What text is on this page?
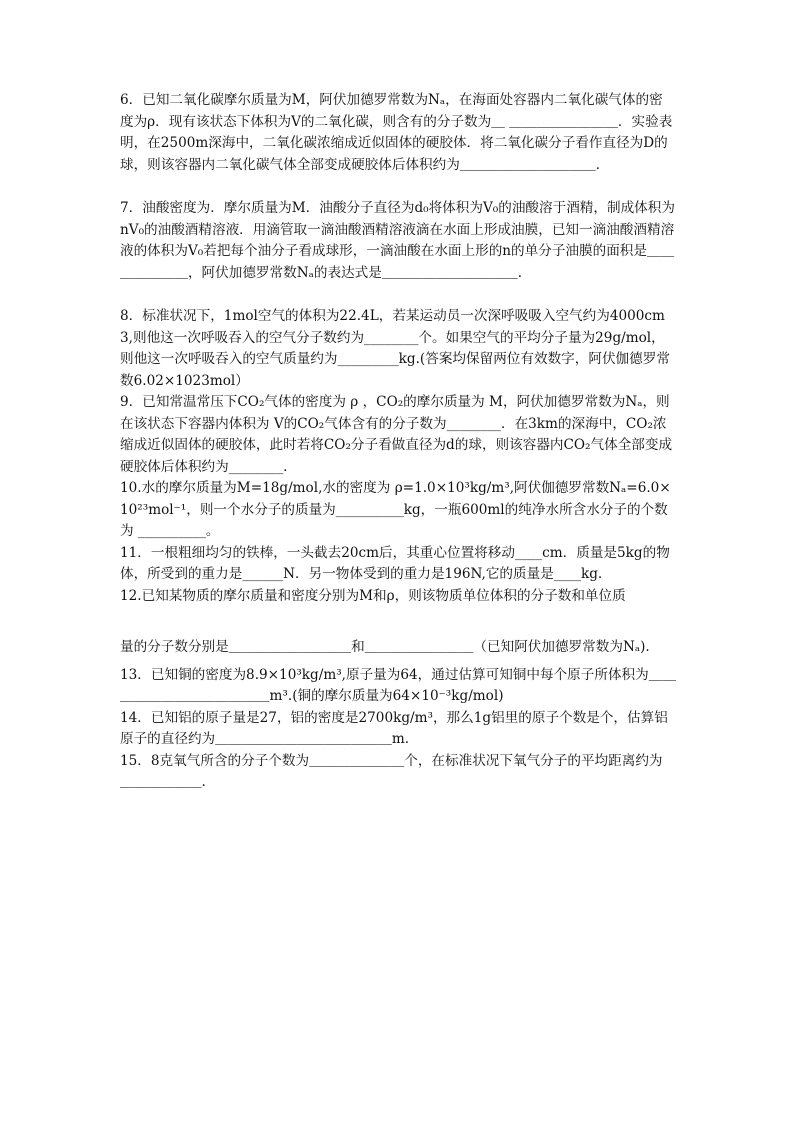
6．已知二氧化碳摩尔质量为M，阿伏加德罗常数为Nₐ，在海面处容器内二氧化碳气体的密度为ρ．现有该状态下体积为V的二氧化碳，则含有的分子数为＿ ＿＿＿＿＿＿＿＿．实验表明，在2500m深海中，二氧化碳浓缩成近似固体的硬胶体．将二氧化碳分子看作直径为D的球，则该容器内二氧化碳气体全部变成硬胶体后体积约为＿＿＿＿＿＿＿＿＿＿．

7．油酸密度为．摩尔质量为M．油酸分子直径为d₀将体积为V₀的油酸溶于酒精，制成体积为nV₀的油酸酒精溶液．用滴管取一滴油酸酒精溶液滴在水面上形成油膜，已知一滴油酸酒精溶液的体积为V₀若把每个油分子看成球形，一滴油酸在水面上形的n的单分子油膜的面积是＿＿＿＿＿＿＿，阿伏加德罗常数Nₐ的表达式是＿＿＿＿＿＿＿＿＿＿．

8．标准状况下，1mol空气的体积为22.4L，若某运动员一次深呼吸吸入空气约为4000cm3,则他这一次呼吸吞入的空气分子数约为________个。如果空气的平均分子量为29g/mol，则他这一次呼吸吞入的空气质量约为_________kg.(答案均保留两位有效数字，阿伏伽德罗常数6.02×1023mol）

9．已知常温常压下CO₂气体的密度为 ρ ，CO₂的摩尔质量为 M，阿伏加德罗常数为Nₐ，则在该状态下容器内体积为 V的CO₂气体含有的分子数为________．在3km的深海中，CO₂浓缩成近似固体的硬胶体，此时若将CO₂分子看做直径为d的球，则该容器内CO₂气体全部变成硬胶体后体积约为________.

10.水的摩尔质量为M=18g/mol,水的密度为 ρ=1.0×10³kg/m³,阿伏伽德罗常数Nₐ=6.0×10²³mol⁻¹，则一个水分子的质量为__________kg，一瓶600ml的纯净水所含水分子的个数为 __________。

11．一根粗细均匀的铁棒，一头截去20cm后，其重心位置将移动____cm．质量是5kg的物体，所受到的重力是______N．另一物体受到的重力是196N,它的质量是____kg.

12.已知某物质的摩尔质量和密度分别为M和ρ，则该物质单位体积的分子数和单位质

量的分子数分别是＿＿＿＿＿＿＿＿＿和＿＿＿＿＿＿＿＿（已知阿伏加德罗常数为Nₐ).

13．已知铜的密度为8.9×10³kg/m³,原子量为64，通过估算可知铜中每个原子所体积为＿＿＿＿＿＿＿＿＿＿＿＿＿m³.(铜的摩尔质量为64×10⁻³kg/mol)

14．已知铝的原子量是27，铝的密度是2700kg/m³，那么1g铝里的原子个数是个，估算铝原子的直径约为＿＿＿＿＿＿＿＿＿＿＿＿＿m.

15．8克氧气所含的分子个数为＿＿＿＿＿＿＿个，在标准状况下氧气分子的平均距离约为＿＿＿＿＿＿.
